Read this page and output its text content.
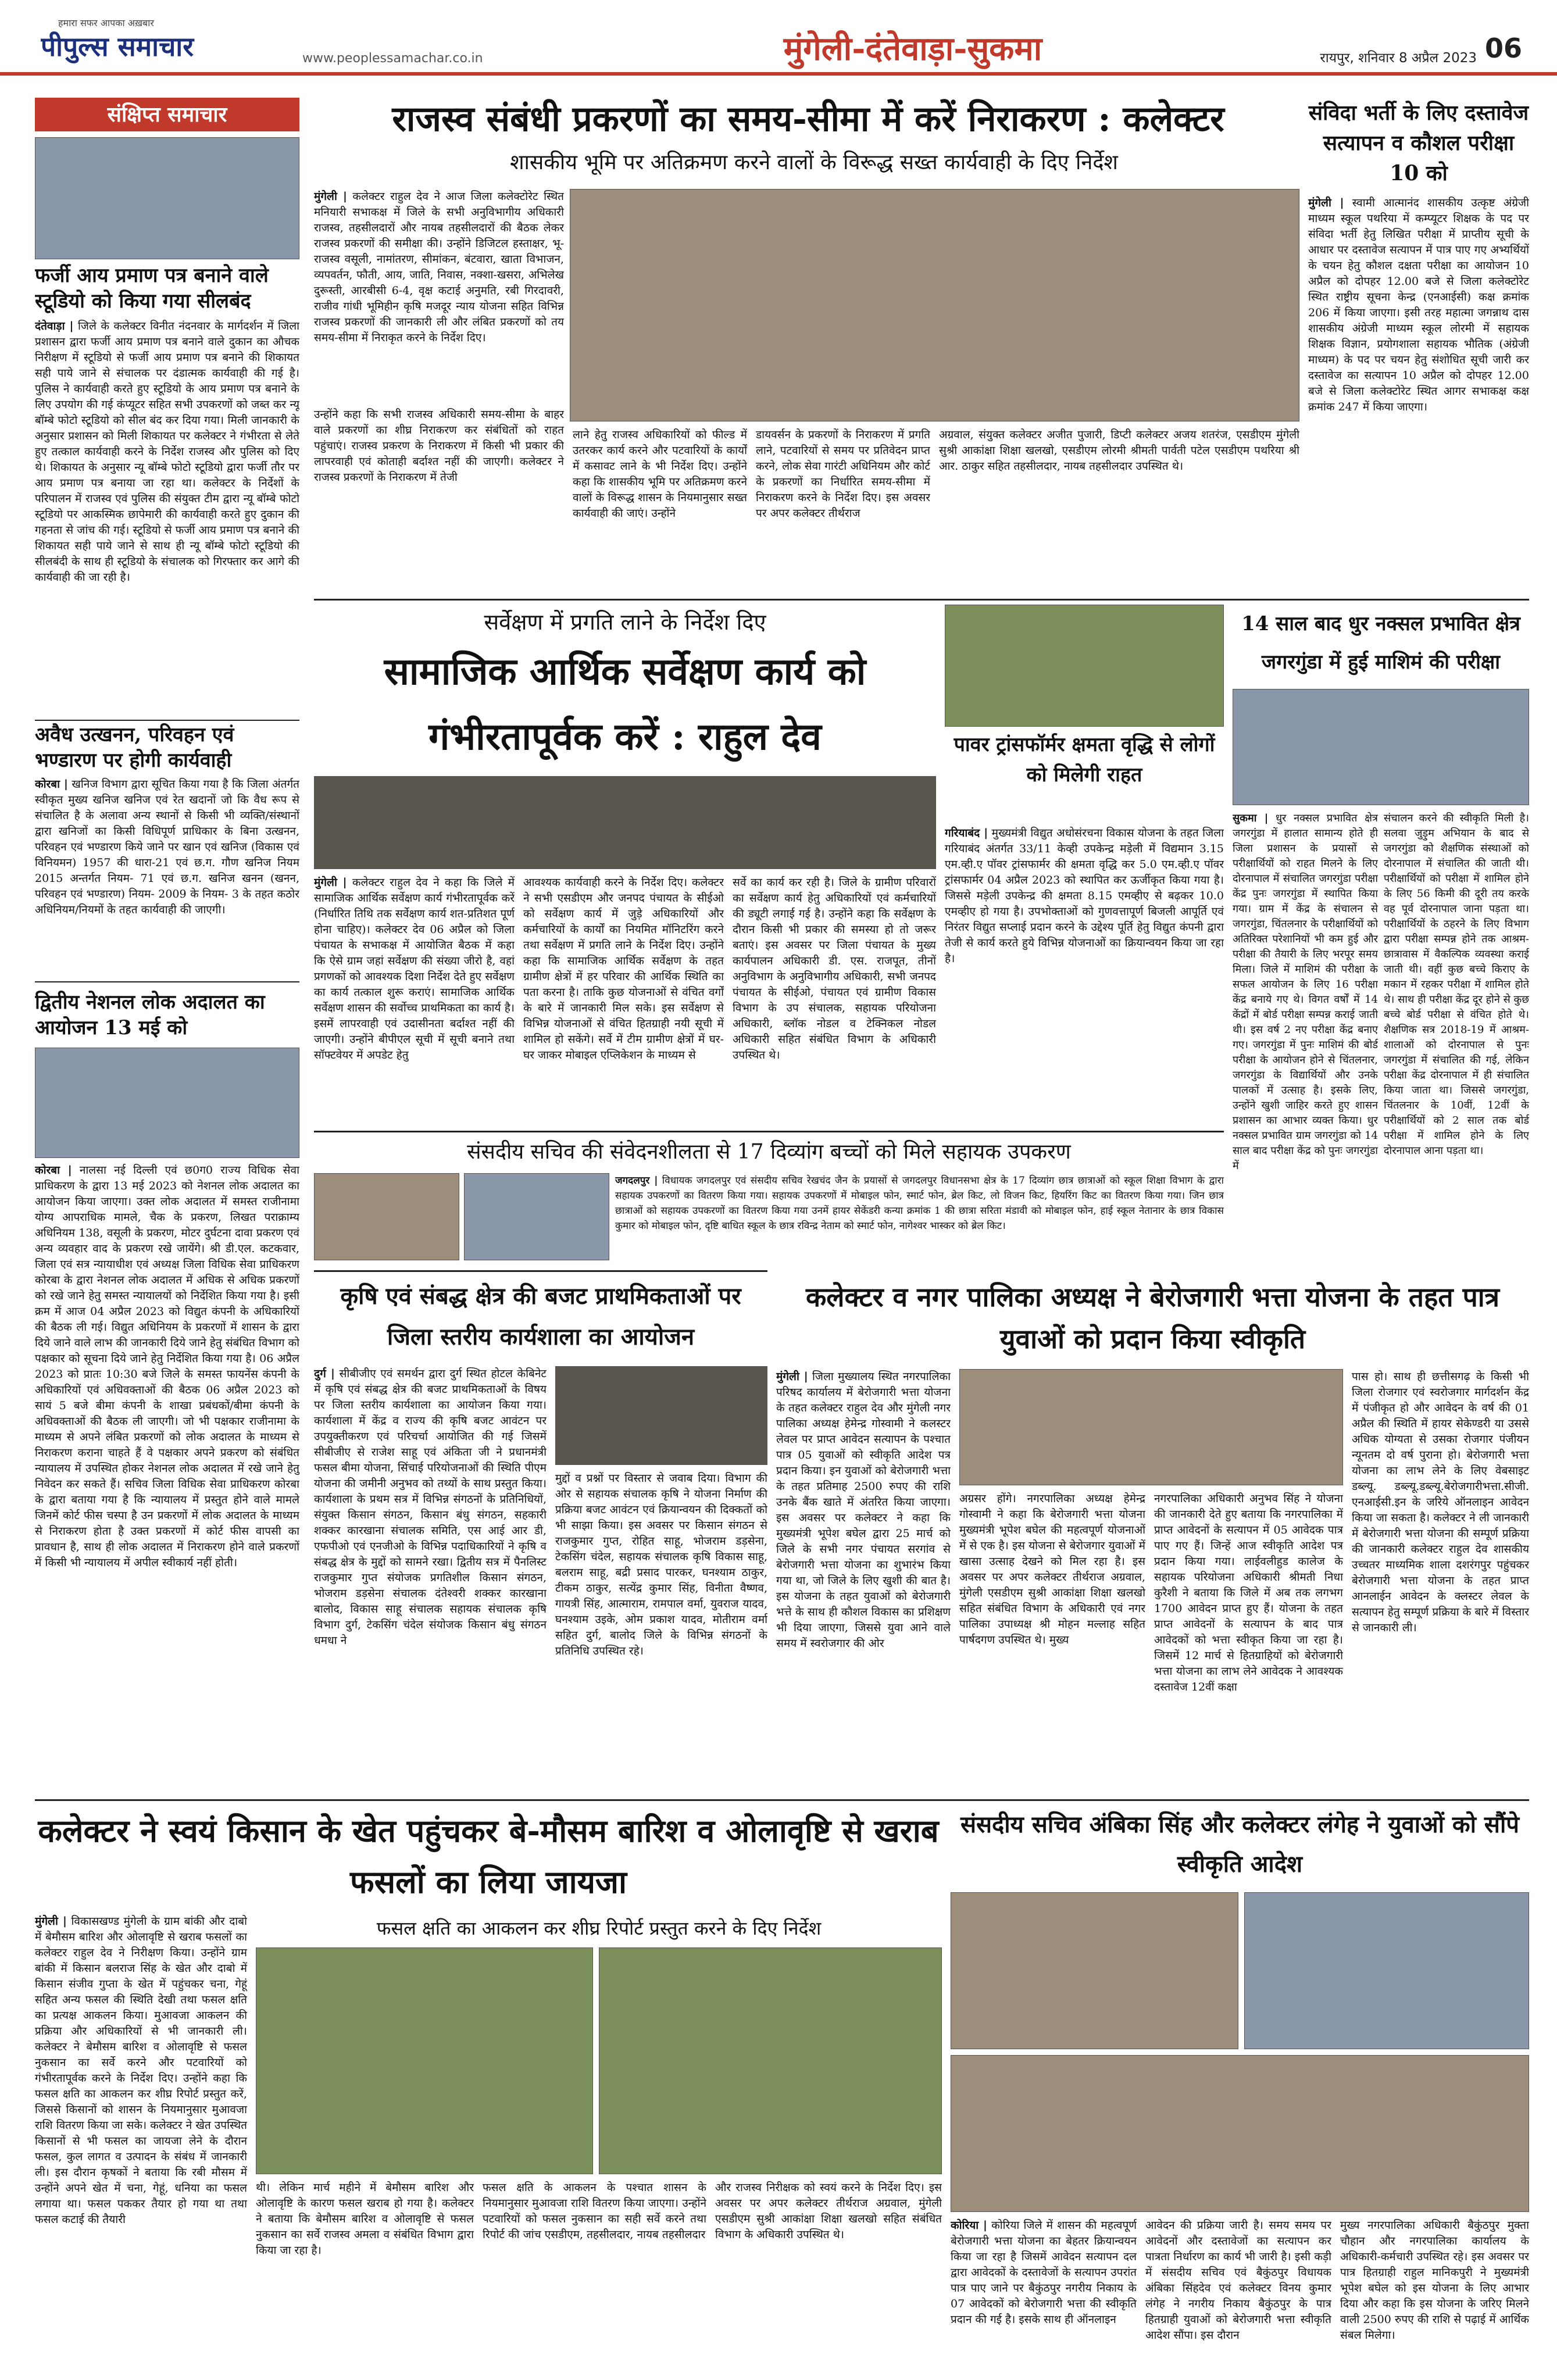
पीपुल्स समाचार
हमारा सफर आपका अख़बार
www.peoplessamachar.co.in	मुंगेली-दंतेवाड़ा-सुकमा	रायपुर, शनिवार 8 अप्रैल 2023 06
संक्षिप्त समाचार
फर्जी आय प्रमाण पत्र बनाने वाले स्टूडियो को किया गया सीलबंद
दंतेवाड़ा | जिले के कलेक्टर विनीत नंदनवार के मार्गदर्शन में जिला प्रशासन द्वारा फर्जी आय प्रमाण पत्र बनाने वाले दुकान का औचक निरीक्षण में स्टूडियो से फर्जी आय प्रमाण पत्र बनाने की शिकायत सही पाये जाने से संचालक पर दंडात्मक कार्यवाही की गई है। पुलिस ने कार्यवाही करते हुए स्टूडियो के आय प्रमाण पत्र बनाने के लिए उपयोग की गई कंप्यूटर सहित सभी उपकरणों को जब्त कर न्यू बॉम्बे फोटो स्टूडियो को सील बंद कर दिया गया। मिली जानकारी के अनुसार प्रशासन को मिली शिकायत पर कलेक्टर ने गंभीरता से लेते हुए तत्काल कार्यवाही करने के निर्देश राजस्व और पुलिस को दिए थे। शिकायत के अनुसार न्यू बॉम्बे फोटो स्टूडियो द्वारा फर्जी तौर पर आय प्रमाण पत्र बनाया जा रहा था। कलेक्टर के निर्देशों के परिपालन में राजस्व एवं पुलिस की संयुक्त टीम द्वारा न्यू बॉम्बे फोटो स्टूडियो पर आकस्मिक छापेमारी की कार्यवाही करते हुए दुकान की गहनता से जांच की गई। स्टूडियो से फर्जी आय प्रमाण पत्र बनाने की शिकायत सही पाये जाने से साथ ही न्यू बॉम्बे फोटो स्टूडियो की सीलबंदी के साथ ही स्टूडियो के संचालक को गिरफ्तार कर आगे की कार्यवाही की जा रही है।
अवैध उत्खनन, परिवहन एवं भण्डारण पर होगी कार्यवाही
कोरबा | खनिज विभाग द्वारा सूचित किया गया है कि जिला अंतर्गत स्वीकृत मुख्य खनिज खनिज एवं रेत खदानों जो कि वैध रूप से संचालित है के अलावा अन्य स्थानों से किसी भी व्यक्ति/संस्थानों द्वारा खनिजों का किसी विधिपूर्ण प्राधिकार के बिना उत्खनन, परिवहन एवं भण्डारण किये जाने पर खान एवं खनिज (विकास एवं विनियमन) 1957 की धारा-21 एवं छ.ग. गौण खनिज नियम 2015 अन्तर्गत नियम- 71 एवं छ.ग. खनिज खनन (खनन, परिवहन एवं भण्डारण) नियम- 2009 के नियम- 3 के तहत कठोर अधिनियम/नियमों के तहत कार्यवाही की जाएगी।
द्वितीय नेशनल लोक अदालत का आयोजन 13 मई को
कोरबा | नालसा नई दिल्ली एवं छ0ग0 राज्य विधिक सेवा प्राधिकरण के द्वारा 13 मई 2023 को नेशनल लोक अदालत का आयोजन किया जाएगा। उक्त लोक अदालत में समस्त राजीनामा योग्य आपराधिक मामले, चैक के प्रकरण, लिखत पराक्राम्य अधिनियम 138, वसूली के प्रकरण, मोटर दुर्घटना दावा प्रकरण एवं अन्य व्यवहार वाद के प्रकरण रखे जायेंगे। श्री डी.एल. कटकवार, जिला एवं सत्र न्यायाधीश एवं अध्यक्ष जिला विधिक सेवा प्राधिकरण कोरबा के द्वारा नेशनल लोक अदालत में अधिक से अधिक प्रकरणों को रखे जाने हेतु समस्त न्यायालयों को निर्देशित किया गया है। इसी क्रम में आज 04 अप्रैल 2023 को विद्युत कंपनी के अधिकारियों की बैठक ली गई। विद्युत अधिनियम के प्रकरणों में शासन के द्वारा दिये जाने वाले लाभ की जानकारी दिये जाने हेतु संबंधित विभाग को पक्षकार को सूचना दिये जाने हेतु निर्देशित किया गया है। 06 अप्रैल 2023 को प्रातः 10:30 बजे जिले के समस्त फायनेंस कंपनी के अधिकारियों एवं अधिवक्ताओं की बैठक 06 अप्रैल 2023 को सायं 5 बजे बीमा कंपनी के शाखा प्रबंधकों/बीमा कंपनी के अधिवक्ताओं की बैठक ली जाएगी। जो भी पक्षकार राजीनामा के माध्यम से अपने लंबित प्रकरणों को लोक अदालत के माध्यम से निराकरण कराना चाहते हैं वे पक्षकार अपने प्रकरण को संबंधित न्यायालय में उपस्थित होकर नेशनल लोक अदालत में रखे जाने हेतु निवेदन कर सकते हैं। सचिव जिला विधिक सेवा प्राधिकरण कोरबा के द्वारा बताया गया है कि न्यायालय में प्रस्तुत होने वाले मामले जिनमें कोर्ट फीस चस्पा है उन प्रकरणों में लोक अदालत के माध्यम से निराकरण होता है उक्त प्रकरणों में कोर्ट फीस वापसी का प्रावधान है, साथ ही लोक अदालत में निराकरण होने वाले प्रकरणों में किसी भी न्यायालय में अपील स्वीकार्य नहीं होती।
राजस्व संबंधी प्रकरणों का समय-सीमा में करें निराकरण : कलेक्टर
शासकीय भूमि पर अतिक्रमण करने वालों के विरूद्ध सख्त कार्यवाही के दिए निर्देश
मुंगेली | कलेक्टर राहुल देव ने आज जिला कलेक्टोरेट स्थित मनियारी सभाकक्ष में जिले के सभी अनुविभागीय अधिकारी राजस्व, तहसीलदारों और नायब तहसीलदारों की बैठक लेकर राजस्व प्रकरणों की समीक्षा की। उन्होंने डिजिटल हस्ताक्षर, भू-राजस्व वसूली, नामांतरण, सीमांकन, बंटवारा, खाता विभाजन, व्यपवर्तन, फौती, आय, जाति, निवास, नक्शा-खसरा, अभिलेख दुरूस्ती, आरबीसी 6-4, वृक्ष कटाई अनुमति, रबी गिरदावरी, राजीव गांधी भूमिहीन कृषि मजदूर न्याय योजना सहित विभिन्न राजस्व प्रकरणों की जानकारी ली और लंबित प्रकरणों को तय समय-सीमा में निराकृत करने के निर्देश दिए।
उन्होंने कहा कि सभी राजस्व अधिकारी समय-सीमा के बाहर वाले प्रकरणों का शीघ्र निराकरण कर संबंधितों को राहत पहुंचाएं। राजस्व प्रकरण के निराकरण में किसी भी प्रकार की लापरवाही एवं कोताही बर्दाश्त नहीं की जाएगी। कलेक्टर ने राजस्व प्रकरणों के निराकरण में तेजी
लाने हेतु राजस्व अधिकारियों को फील्ड में उतरकर कार्य करने और पटवारियों के कार्यों में कसावट लाने के भी निर्देश दिए। उन्होंने कहा कि शासकीय भूमि पर अतिक्रमण करने वालों के विरूद्ध शासन के नियमानुसार सख्त कार्यवाही की जाएं। उन्होंने
डायवर्सन के प्रकरणों के निराकरण में प्रगति लाने, पटवारियों से समय पर प्रतिवेदन प्राप्त करने, लोक सेवा गारंटी अधिनियम और कोर्ट के प्रकरणों का निर्धारित समय-सीमा में निराकरण करने के निर्देश दिए। इस अवसर पर अपर कलेक्टर तीर्थराज
अग्रवाल, संयुक्त कलेक्टर अजीत पुजारी, डिप्टी कलेक्टर अजय शतरंज, एसडीएम मुंगेली सुश्री आकांक्षा शिक्षा खलखो, एसडीएम लोरमी श्रीमती पार्वती पटेल एसडीएम पथरिया श्री आर. ठाकुर सहित तहसीलदार, नायब तहसीलदार उपस्थित थे।
संविदा भर्ती के लिए दस्तावेज सत्यापन व कौशल परीक्षा 10 को
मुंगेली | स्वामी आत्मानंद शासकीय उत्कृष्ट अंग्रेजी माध्यम स्कूल पथरिया में कम्प्यूटर शिक्षक के पद पर संविदा भर्ती हेतु लिखित परीक्षा में प्राप्तीय सूची के आधार पर दस्तावेज सत्यापन में पात्र पाए गए अभ्यर्थियों के चयन हेतु कौशल दक्षता परीक्षा का आयोजन 10 अप्रैल को दोपहर 12.00 बजे से जिला कलेक्टोरेट स्थित राष्ट्रीय सूचना केन्द्र (एनआईसी) कक्ष क्रमांक 206 में किया जाएगा। इसी तरह महात्मा जगन्नाथ दास शासकीय अंग्रेजी माध्यम स्कूल लोरमी में सहायक शिक्षक विज्ञान, प्रयोगशाला सहायक भौतिक (अंग्रेजी माध्यम) के पद पर चयन हेतु संशोधित सूची जारी कर दस्तावेज का सत्यापन 10 अप्रैल को दोपहर 12.00 बजे से जिला कलेक्टोरेट स्थित आगर सभाकक्ष कक्ष क्रमांक 247 में किया जाएगा।
सर्वेक्षण में प्रगति लाने के निर्देश दिए
सामाजिक आर्थिक सर्वेक्षण कार्य को गंभीरतापूर्वक करें : राहुल देव
मुंगेली | कलेक्टर राहुल देव ने कहा कि जिले में सामाजिक आर्थिक सर्वेक्षण कार्य गंभीरतापूर्वक करें (निर्धारित तिथि तक सर्वेक्षण कार्य शत-प्रतिशत पूर्ण होना चाहिए)। कलेक्टर देव 06 अप्रैल को जिला पंचायत के सभाकक्ष में आयोजित बैठक में कहा कि ऐसे ग्राम जहां सर्वेक्षण की संख्या जीरो है, वहां प्रगणकों को आवश्यक दिशा निर्देश देते हुए सर्वेक्षण का कार्य तत्काल शुरू कराएं। सामाजिक आर्थिक सर्वेक्षण शासन की सर्वोच्च प्राथमिकता का कार्य है। इसमें लापरवाही एवं उदासीनता बर्दाश्त नहीं की जाएगी। उन्होंने बीपीएल सूची में सूची बनाने तथा सॉफ्टवेयर में अपडेट हेतु
आवश्यक कार्यवाही करने के निर्देश दिए। कलेक्टर ने सभी एसडीएम और जनपद पंचायत के सीईओ को सर्वेक्षण कार्य में जुड़े अधिकारियों और कर्मचारियों के कार्यों का नियमित मॉनिटरिंग करने तथा सर्वेक्षण में प्रगति लाने के निर्देश दिए। उन्होंने कहा कि सामाजिक आर्थिक सर्वेक्षण के तहत ग्रामीण क्षेत्रों में हर परिवार की आर्थिक स्थिति का पता करना है। ताकि कुछ योजनाओं से वंचित वर्गों के बारे में जानकारी मिल सके। इस सर्वेक्षण से विभिन्न योजनाओं से वंचित हितग्राही नयी सूची में शामिल हो सकेंगे। सर्वे में टीम ग्रामीण क्षेत्रों में घर-घर जाकर मोबाइल एप्लिकेशन के माध्यम से
सर्वे का कार्य कर रही है। जिले के ग्रामीण परिवारों का सर्वेक्षण कार्य हेतु अधिकारियों एवं कर्मचारियों की ड्यूटी लगाई गई है। उन्होंने कहा कि सर्वेक्षण के दौरान किसी भी प्रकार की समस्या हो तो जरूर बताएं। इस अवसर पर जिला पंचायत के मुख्य कार्यपालन अधिकारी डी. एस. राजपूत, तीनों अनुविभाग के अनुविभागीय अधिकारी, सभी जनपद पंचायत के सीईओ, पंचायत एवं ग्रामीण विकास विभाग के उप संचालक, सहायक परियोजना अधिकारी, ब्लॉक नोडल व टेक्निकल नोडल अधिकारी सहित संबंधित विभाग के अधिकारी उपस्थित थे।
पावर ट्रांसफॉर्मर क्षमता वृद्धि से लोगों को मिलेगी राहत
गरियाबंद | मुख्यमंत्री विद्युत अधोसंरचना विकास योजना के तहत जिला गरियाबंद अंतर्गत 33/11 केव्ही उपकेन्द्र मड़ेली में विद्यमान 3.15 एम.व्ही.ए पॉवर ट्रांसफार्मर की क्षमता वृद्धि कर 5.0 एम.व्ही.ए पॉवर ट्रांसफार्मर 04 अप्रैल 2023 को स्थापित कर ऊर्जीकृत किया गया है। जिससे मड़ेली उपकेन्द्र की क्षमता 8.15 एमव्हीए से बढ़कर 10.0 एमव्हीए हो गया है। उपभोक्ताओं को गुणवत्तापूर्ण बिजली आपूर्ति एवं निरंतर विद्युत सप्लाई प्रदान करने के उद्देश्य पूर्ति हेतु विद्युत कंपनी द्वारा तेजी से कार्य करते हुये विभिन्न योजनाओं का क्रियान्वयन किया जा रहा है।
14 साल बाद धुर नक्सल प्रभावित क्षेत्र जगरगुंडा में हुई माशिमं की परीक्षा
सुकमा | धुर नक्सल प्रभावित क्षेत्र जगरगुंडा में हालात सामान्य होते ही जिला प्रशासन के प्रयासों से परीक्षार्थियों को राहत मिलने के लिए दोरनापाल में संचालित जगरगुंडा परीक्षा केंद्र पुनः जगरगुंडा में स्थापित किया गया। ग्राम में केंद्र के संचालन से जगरगुंडा, चिंतलनार के परीक्षार्थियों को अतिरिक्त परेशानियों भी कम हुई और परीक्षा की तैयारी के लिए भरपूर समय मिला। जिले में माशिमं की परीक्षा के सफल आयोजन के लिए 16 परीक्षा केंद्र बनाये गए थे। विगत वर्षों में 14 केंद्रों में बोर्ड परीक्षा सम्पन्न कराई जाती थी। इस वर्ष 2 नए परीक्षा केंद्र बनाए गए। जगरगुंडा में पुनः माशिमं की बोर्ड परीक्षा के आयोजन होने से चिंतलनार, जगरगुंडा के विद्यार्थियों और उनके पालकों में उत्साह है। इसके लिए, उन्होंने खुशी जाहिर करते हुए शासन प्रशासन का आभार व्यक्त किया। धुर नक्सल प्रभावित ग्राम जगरगुंडा को 14 साल बाद परीक्षा केंद्र को पुनः जगरगुंडा में
संचालन करने की स्वीकृति मिली है। सलवा जुड़ुम अभियान के बाद से जगरगुंडा को शैक्षणिक संस्थाओं को दोरनापाल में संचालित की जाती थी। परीक्षार्थियों को परीक्षा में शामिल होने के लिए 56 किमी की दूरी तय करके वह पूर्व दोरनापाल जाना पड़ता था। परीक्षार्थियों के ठहरने के लिए विभाग द्वारा परीक्षा सम्पन्न होने तक आश्रम-छात्रावास में वैकल्पिक व्यवस्था कराई जाती थी। वहीं कुछ बच्चे किराए के मकान में रहकर परीक्षा में शामिल होते थे। साथ ही परीक्षा केंद्र दूर होने से कुछ बच्चे बोर्ड परीक्षा से वंचित होते थे। शैक्षणिक सत्र 2018-19 में आश्रम-शालाओं को दोरनापाल से पुनः जगरगुंडा में संचालित की गई, लेकिन परीक्षा केंद्र दोरनापाल में ही संचालित किया जाता था। जिससे जगरगुंडा, चिंतलनार के 10वीं, 12वीं के परीक्षार्थियों को 2 साल तक बोर्ड परीक्षा में शामिल होने के लिए दोरनापाल आना पड़ता था।
संसदीय सचिव की संवेदनशीलता से 17 दिव्यांग बच्चों को मिले सहायक उपकरण
जगदलपुर | विधायक जगदलपुर एवं संसदीय सचिव रेखचंद जैन के प्रयासों से जगदलपुर विधानसभा क्षेत्र के 17 दिव्यांग छात्र छात्राओं को स्कूल शिक्षा विभाग के द्वारा सहायक उपकरणों का वितरण किया गया। सहायक उपकरणों में मोबाइल फोन, स्मार्ट फोन, ब्रेल किट, लो विजन किट, हियरिंग किट का वितरण किया गया। जिन छात्र छात्राओं को सहायक उपकरणों का वितरण किया गया उनमें हायर सेकेंडरी कन्या क्रमांक 1 की छात्रा सरिता मंडावी को मोबाइल फोन, हाई स्कूल नेतानार के छात्र विकास कुमार को मोबाइल फोन, दृष्टि बाधित स्कूल के छात्र रविन्द्र नेताम को स्मार्ट फोन, नागेश्वर भास्कर को ब्रेल किट।
कृषि एवं संबद्ध क्षेत्र की बजट प्राथमिकताओं पर जिला स्तरीय कार्यशाला का आयोजन
दुर्ग | सीबीजीए एवं समर्थन द्वारा दुर्ग स्थित होटल केबिनेट में कृषि एवं संबद्ध क्षेत्र की बजट प्राथमिकताओं के विषय पर जिला स्तरीय कार्यशाला का आयोजन किया गया। कार्यशाला में केंद्र व राज्य की कृषि बजट आवंटन पर उपयुक्तीकरण एवं परिचर्चा आयोजित की गई जिसमें सीबीजीए से राजेश साहू एवं अंकिता जी ने प्रधानमंत्री फसल बीमा योजना, सिंचाई परियोजनाओं की स्थिति पीएम योजना की जमीनी अनुभव को तथ्यों के साथ प्रस्तुत किया। कार्यशाला के प्रथम सत्र में विभिन्न संगठनों के प्रतिनिधियों, संयुक्त किसान संगठन, किसान बंधु संगठन, सहकारी शक्कर कारखाना संचालक समिति, एस आई आर डी, एफपीओ एवं एनजीओ के विभिन्न पदाधिकारियों ने कृषि व संबद्ध क्षेत्र के मुद्दों को सामने रखा। द्वितीय सत्र में पैनलिस्ट राजकुमार गुप्त संयोजक प्रगतिशील किसान संगठन, भोजराम डड़सेना संचालक दंतेश्वरी शक्कर कारखाना बालोद, विकास साहू संचालक सहायक संचालक कृषि विभाग दुर्ग, टेकसिंग चंदेल संयोजक किसान बंधु संगठन धमधा ने
मुद्दों व प्रश्नों पर विस्तार से जवाब दिया। विभाग की ओर से सहायक संचालक कृषि ने योजना निर्माण की प्रक्रिया बजट आवंटन एवं क्रियान्वयन की दिक्कतों को भी साझा किया। इस अवसर पर किसान संगठन से राजकुमार गुप्त, रोहित साहू, भोजराम डड़सेना, टेकसिंग चंदेल, सहायक संचालक कृषि विकास साहू, बलराम साहू, बद्री प्रसाद पारकर, घनश्याम ठाकुर, टीकम ठाकुर, सत्येंद्र कुमार सिंह, विनीता वैष्णव, गायत्री सिंह, आत्माराम, रामपाल वर्मा, युवराज यादव, घनश्याम उइके, ओम प्रकाश यादव, मोतीराम वर्मा सहित दुर्ग, बालोद जिले के विभिन्न संगठनों के प्रतिनिधि उपस्थित रहे।
कलेक्टर व नगर पालिका अध्यक्ष ने बेरोजगारी भत्ता योजना के तहत पात्र युवाओं को प्रदान किया स्वीकृति
मुंगेली | जिला मुख्यालय स्थित नगरपालिका परिषद कार्यालय में बेरोजगारी भत्ता योजना के तहत कलेक्टर राहुल देव और मुंगेली नगर पालिका अध्यक्ष हेमेन्द्र गोस्वामी ने कलस्टर लेवल पर प्राप्त आवेदन सत्यापन के पश्चात पात्र 05 युवाओं को स्वीकृति आदेश पत्र प्रदान किया। इन युवाओं को बेरोजगारी भत्ता के तहत प्रतिमाह 2500 रुपए की राशि उनके बैंक खाते में अंतरित किया जाएगा। इस अवसर पर कलेक्टर ने कहा कि मुख्यमंत्री भूपेश बघेल द्वारा 25 मार्च को जिले के सभी नगर पंचायत सरगांव से बेरोजगारी भत्ता योजना का शुभारंभ किया गया था, जो जिले के लिए खुशी की बात है। इस योजना के तहत युवाओं को बेरोजगारी भत्ते के साथ ही कौशल विकास का प्रशिक्षण भी दिया जाएगा, जिससे युवा आने वाले समय में स्वरोजगार की ओर
अग्रसर होंगे। नगरपालिका अध्यक्ष हेमेन्द्र गोस्वामी ने कहा कि बेरोजगारी भत्ता योजना मुख्यमंत्री भूपेश बघेल की महत्वपूर्ण योजनाओं में से एक है। इस योजना से बेरोजगार युवाओं में खासा उत्साह देखने को मिल रहा है। इस अवसर पर अपर कलेक्टर तीर्थराज अग्रवाल, मुंगेली एसडीएम सुश्री आकांक्षा शिक्षा खलखो सहित संबंधित विभाग के अधिकारी एवं नगर पालिका उपाध्यक्ष श्री मोहन मल्लाह सहित पार्षदगण उपस्थित थे। मुख्य
नगरपालिका अधिकारी अनुभव सिंह ने योजना की जानकारी देते हुए बताया कि नगरपालिका में प्राप्त आवेदनों के सत्यापन में 05 आवेदक पात्र पाए गए हैं। जिन्हें आज स्वीकृति आदेश पत्र प्रदान किया गया। लाईवलीहुड कालेज के सहायक परियोजना अधिकारी श्रीमती निधा कुरैशी ने बताया कि जिले में अब तक लगभग 1700 आवेदन प्राप्त हुए हैं। योजना के तहत प्राप्त आवेदनों के सत्यापन के बाद पात्र आवेदकों को भत्ता स्वीकृत किया जा रहा है। जिसमें 12 मार्च से हितग्राहियों को बेरोजगारी भत्ता योजना का लाभ लेने आवेदक ने आवश्यक दस्तावेज 12वीं कक्षा
पास हो। साथ ही छत्तीसगढ़ के किसी भी जिला रोजगार एवं स्वरोजगार मार्गदर्शन केंद्र में पंजीकृत हो और आवेदन के वर्ष की 01 अप्रैल की स्थिति में हायर सेकेण्डरी या उससे अधिक योग्यता से उसका रोजगार पंजीयन न्यूनतम दो वर्ष पुराना हो। बेरोजगारी भत्ता योजना का लाभ लेने के लिए वेबसाइट डब्ल्यू. डब्ल्यू.डब्ल्यू.बेरोजगारीभत्ता.सीजी. एनआईसी.इन के जरिये ऑनलाइन आवेदन किया जा सकता है। कलेक्टर ने ली जानकारी में बेरोजगारी भत्ता योजना की सम्पूर्ण प्रक्रिया की जानकारी कलेक्टर राहुल देव शासकीय उच्चतर माध्यमिक शाला दशरंगपुर पहुंचकर बेरोजगारी भत्ता योजना के तहत प्राप्त आनलाईन आवेदन के क्लस्टर लेवल के सत्यापन हेतु सम्पूर्ण प्रक्रिया के बारे में विस्तार से जानकारी ली।
कलेक्टर ने स्वयं किसान के खेत पहुंचकर बे-मौसम बारिश व ओलावृष्टि से खराब फसलों का लिया जायजा
फसल क्षति का आकलन कर शीघ्र रिपोर्ट प्रस्तुत करने के दिए निर्देश
मुंगेली | विकासखण्ड मुंगेली के ग्राम बांकी और दाबो में बेमौसम बारिश और ओलावृष्टि से खराब फसलों का कलेक्टर राहुल देव ने निरीक्षण किया। उन्होंने ग्राम बांकी में किसान बलराज सिंह के खेत और दाबो में किसान संजीव गुप्ता के खेत में पहुंचकर चना, गेहूं सहित अन्य फसल की स्थिति देखी तथा फसल क्षति का प्रत्यक्ष आकलन किया। मुआवजा आकलन की प्रक्रिया और अधिकारियों से भी जानकारी ली। कलेक्टर ने बेमौसम बारिश व ओलावृष्टि से फसल नुकसान का सर्वे करने और पटवारियों को गंभीरतापूर्वक करने के निर्देश दिए। उन्होंने कहा कि फसल क्षति का आकलन कर शीघ्र रिपोर्ट प्रस्तुत करें, जिससे किसानों को शासन के नियमानुसार मुआवजा राशि वितरण किया जा सके। कलेक्टर ने खेत उपस्थित किसानों से भी फसल का जायजा लेने के दौरान फसल, कुल लागत व उत्पादन के संबंध में जानकारी ली। इस दौरान कृषकों ने बताया कि रबी मौसम में उन्होंने अपने खेत में चना, गेहूं, धनिया का फसल लगाया था। फसल पककर तैयार हो गया था तथा फसल कटाई की तैयारी
थी। लेकिन मार्च महीने में बेमौसम बारिश और ओलावृष्टि के कारण फसल खराब हो गया है। कलेक्टर ने बताया कि बेमौसम बारिश व ओलावृष्टि से फसल नुकसान का सर्वे राजस्व अमला व संबंधित विभाग द्वारा किया जा रहा है।
फसल क्षति के आकलन के पश्चात शासन के नियमानुसार मुआवजा राशि वितरण किया जाएगा। उन्होंने पटवारियों को फसल नुकसान का सही सर्वे करने तथा रिपोर्ट की जांच एसडीएम, तहसीलदार, नायब तहसीलदार
और राजस्व निरीक्षक को स्वयं करने के निर्देश दिए। इस अवसर पर अपर कलेक्टर तीर्थराज अग्रवाल, मुंगेली एसडीएम सुश्री आकांक्षा शिक्षा खलखो सहित संबंधित विभाग के अधिकारी उपस्थित थे।
संसदीय सचिव अंबिका सिंह और कलेक्टर लंगेह ने युवाओं को सौंपे स्वीकृति आदेश
कोरिया | कोरिया जिले में शासन की महत्वपूर्ण बेरोजगारी भत्ता योजना का बेहतर क्रियान्वयन किया जा रहा है जिसमें आवेदन सत्यापन दल द्वारा आवेदकों के दस्तावेजों के सत्यापन उपरांत पात्र पाए जाने पर बैकुंठपुर नगरीय निकाय के 07 आवेदकों को बेरोजगारी भत्ता की स्वीकृति प्रदान की गई है। इसके साथ ही ऑनलाइन
आवेदन की प्रक्रिया जारी है। समय समय पर आवेदनों और दस्तावेजों का सत्यापन कर पात्रता निर्धारण का कार्य भी जारी है। इसी कड़ी में संसदीय सचिव एवं बैकुंठपुर विधायक अंबिका सिंहदेव एवं कलेक्टर विनय कुमार लंगेह ने नगरीय निकाय बैकुंठपुर के पात्र हितग्राही युवाओं को बेरोजगारी भत्ता स्वीकृति आदेश सौंपा। इस दौरान
मुख्य नगरपालिका अधिकारी बैकुंठपुर मुक्ता चौहान और नगरपालिका कार्यालय के अधिकारी-कर्मचारी उपस्थित रहे। इस अवसर पर पात्र हितग्राही राहुल मानिकपुरी ने मुख्यमंत्री भूपेश बघेल को इस योजना के लिए आभार दिया और कहा कि इस योजना के जरिए मिलने वाली 2500 रुपए की राशि से पढ़ाई में आर्थिक संबल मिलेगा।
